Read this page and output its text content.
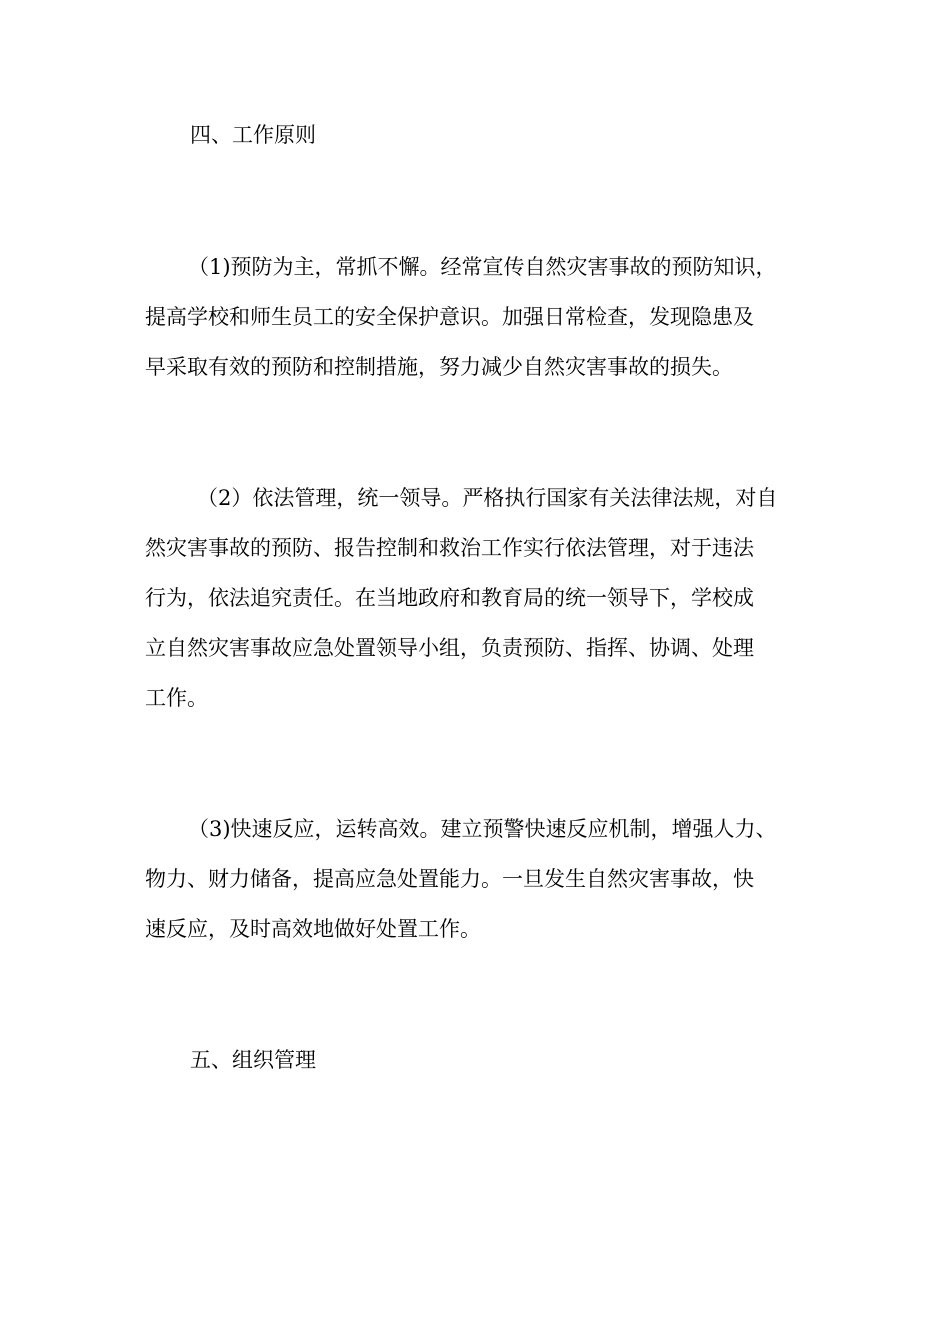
四、工作原则
（1)预防为主，常抓不懈。经常宣传自然灾害事故的预防知识，
提高学校和师生员工的安全保护意识。加强日常检查，发现隐患及
早采取有效的预防和控制措施，努力减少自然灾害事故的损失。
（2）依法管理，统一领导。严格执行国家有关法律法规，对自
然灾害事故的预防、报告控制和救治工作实行依法管理，对于违法
行为，依法追究责任。在当地政府和教育局的统一领导下，学校成
立自然灾害事故应急处置领导小组，负责预防、指挥、协调、处理
工作。
（3)快速反应，运转高效。建立预警快速反应机制，增强人力、
物力、财力储备，提高应急处置能力。一旦发生自然灾害事故，快
速反应，及时高效地做好处置工作。
五、组织管理
